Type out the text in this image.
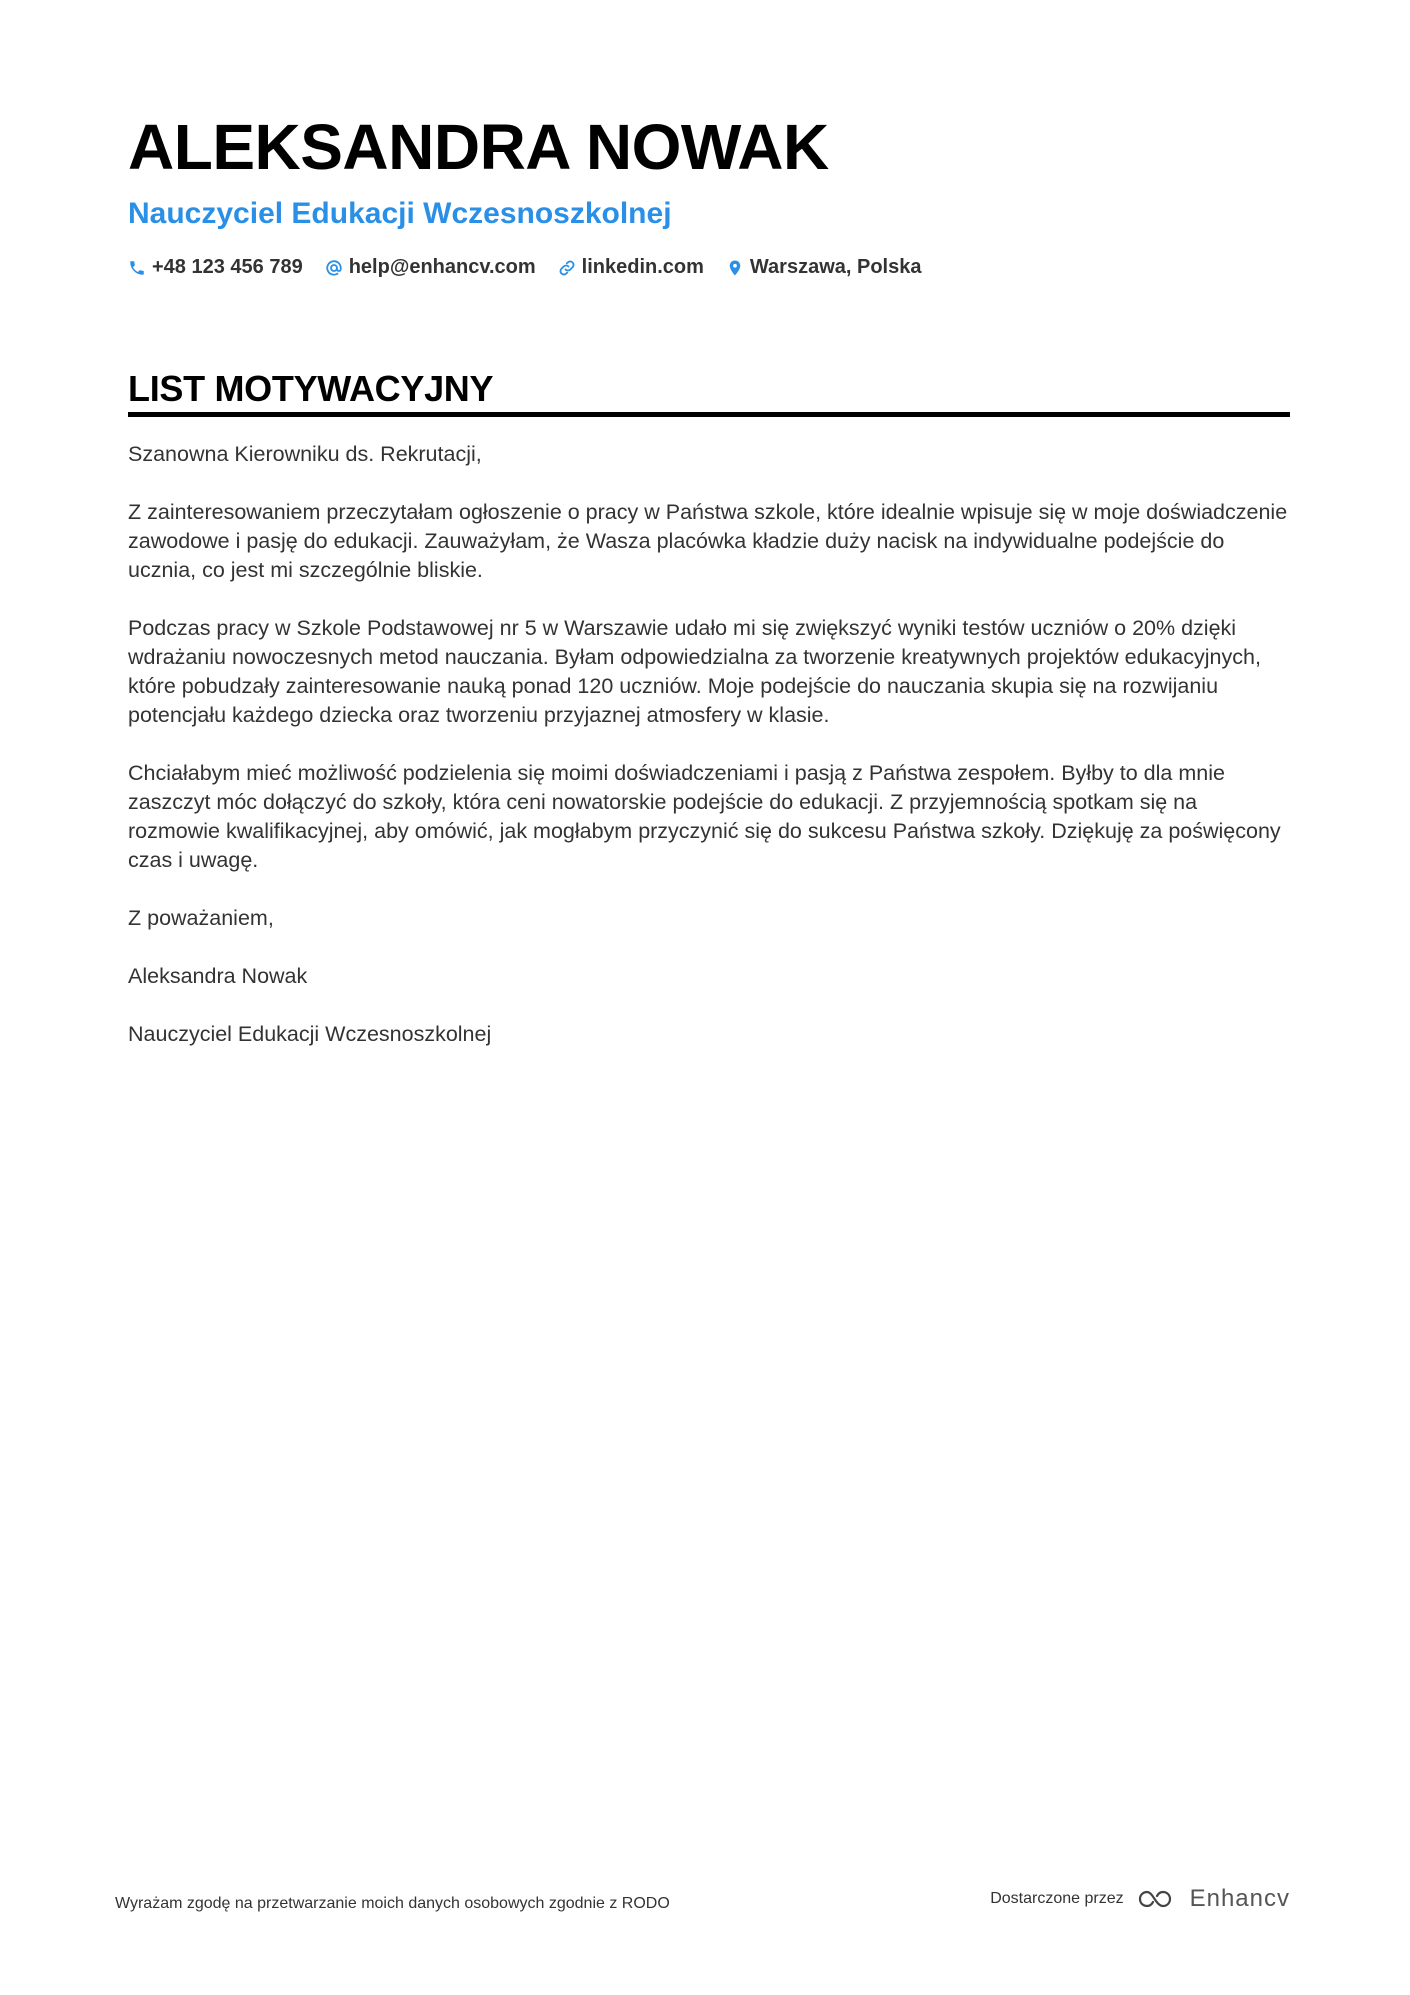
ALEKSANDRA NOWAK
Nauczyciel Edukacji Wczesnoszkolnej
+48 123 456 789 help@enhancv.com linkedin.com Warszawa, Polska
LIST MOTYWACYJNY

Szanowna Kierowniku ds. Rekrutacji,

Z zainteresowaniem przeczytałam ogłoszenie o pracy w Państwa szkole, które idealnie wpisuje się w moje doświadczenie zawodowe i pasję do edukacji. Zauważyłam, że Wasza placówka kładzie duży nacisk na indywidualne podejście do ucznia, co jest mi szczególnie bliskie.

Podczas pracy w Szkole Podstawowej nr 5 w Warszawie udało mi się zwiększyć wyniki testów uczniów o 20% dzięki wdrażaniu nowoczesnych metod nauczania. Byłam odpowiedzialna za tworzenie kreatywnych projektów edukacyjnych, które pobudzały zainteresowanie nauką ponad 120 uczniów. Moje podejście do nauczania skupia się na rozwijaniu potencjału każdego dziecka oraz tworzeniu przyjaznej atmosfery w klasie.

Chciałabym mieć możliwość podzielenia się moimi doświadczeniami i pasją z Państwa zespołem. Byłby to dla mnie zaszczyt móc dołączyć do szkoły, która ceni nowatorskie podejście do edukacji. Z przyjemnością spotkam się na rozmowie kwalifikacyjnej, aby omówić, jak mogłabym przyczynić się do sukcesu Państwa szkoły. Dziękuję za poświęcony czas i uwagę.

Z poważaniem,

Aleksandra Nowak

Nauczyciel Edukacji Wczesnoszkolnej

Wyrażam zgodę na przetwarzanie moich danych osobowych zgodnie z RODO	Dostarczone przez	Enhancv
